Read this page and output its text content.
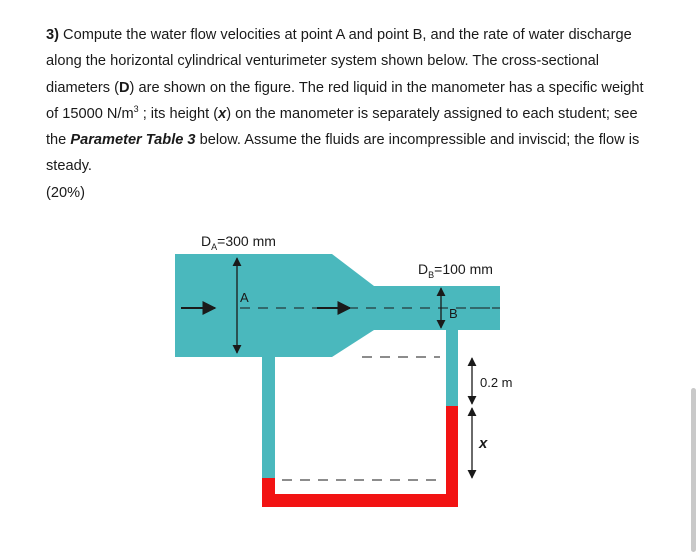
3) Compute the water flow velocities at point A and point B, and the rate of water discharge along the horizontal cylindrical venturimeter system shown below. The cross-sectional diameters (D) are shown on the figure. The red liquid in the manometer has a specific weight of 15000 $N/m^3$ ; its height (x) on the manometer is separately assigned to each student; see the Parameter Table 3 below. Assume the fluids are incompressible and inviscid; the flow is steady.

(20%)

$D_A=300$ mm
$D_B=100$ mm
A
B
0.2 m
x
